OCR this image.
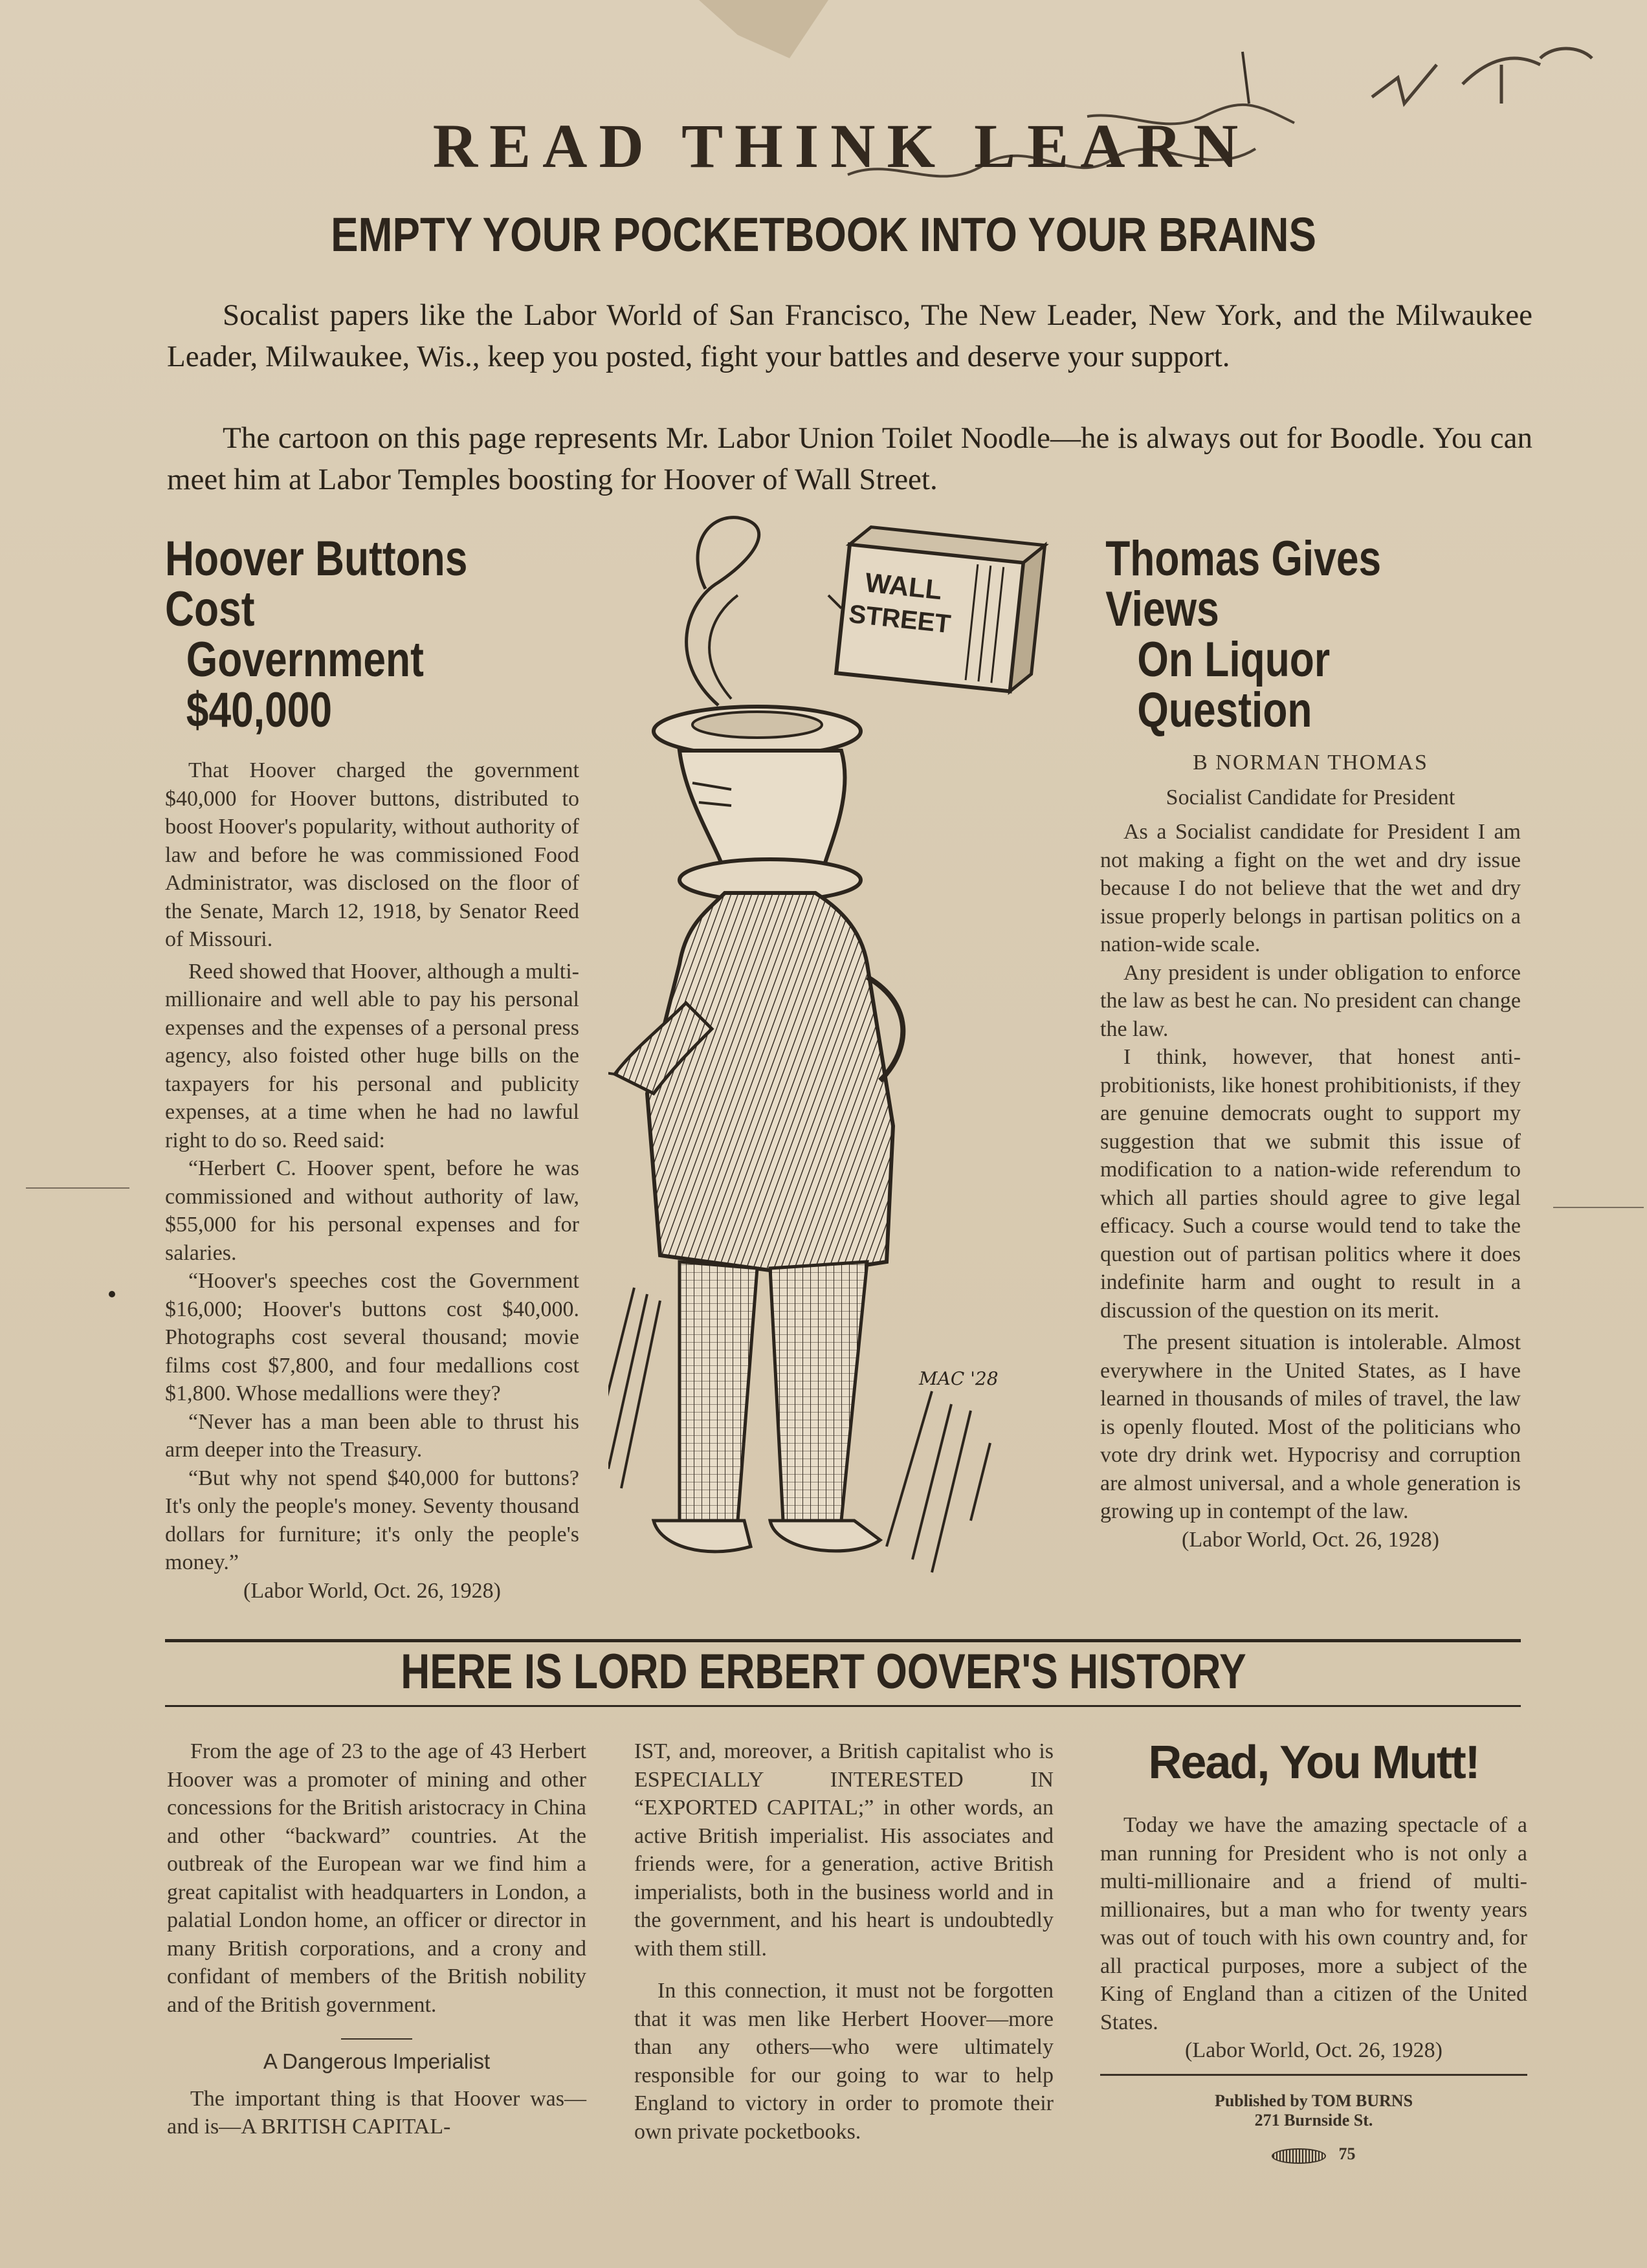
READ THINK LEARN
EMPTY YOUR POCKETBOOK INTO YOUR BRAINS
Socalist papers like the Labor World of San Francisco, The New Leader, New York, and the Milwaukee Leader, Milwaukee, Wis., keep you posted, fight your battles and deserve your support.
The cartoon on this page represents Mr. Labor Union Toilet Noodle—he is always out for Boodle. You can meet him at Labor Temples boosting for Hoover of Wall Street.
Hoover Buttons Cost
Government $40,000

That Hoover charged the government $40,000 for Hoover buttons, distributed to boost Hoover's popularity, without authority of law and before he was commissioned Food Administrator, was disclosed on the floor of the Senate, March 12, 1918, by Senator Reed of Missouri.

Reed showed that Hoover, although a multi-millionaire and well able to pay his personal expenses and the expenses of a personal press agency, also foisted other huge bills on the taxpayers for his personal and publicity expenses, at a time when he had no lawful right to do so. Reed said:

“Herbert C. Hoover spent, before he was commissioned and without authority of law, $55,000 for his personal expenses and for salaries.

“Hoover's speeches cost the Government $16,000; Hoover's buttons cost $40,000. Photographs cost several thousand; movie films cost $7,800, and four medallions cost $1,800. Whose medallions were they?

“Never has a man been able to thrust his arm deeper into the Treasury.

“But why not spend $40,000 for buttons? It's only the people's money. Seventy thousand dollars for furniture; it's only the people's money.”

(Labor World, Oct. 26, 1928)
WALL
STREET
MAC '28
Thomas Gives Views
On Liquor Question
B NORMAN THOMAS
Socialist Candidate for President

As a Socialist candidate for President I am not making a fight on the wet and dry issue because I do not believe that the wet and dry issue properly belongs in partisan politics on a nation-wide scale.

Any president is under obligation to enforce the law as best he can. No president can change the law.

I think, however, that honest anti-probitionists, like honest prohibitionists, if they are genuine democrats ought to support my suggestion that we submit this issue of modification to a nation-wide referendum to which all parties should agree to give legal efficacy. Such a course would tend to take the question out of partisan politics where it does indefinite harm and ought to result in a discussion of the question on its merit.

The present situation is intolerable. Almost everywhere in the United States, as I have learned in thousands of miles of travel, the law is openly flouted. Most of the politicians who vote dry drink wet. Hypocrisy and corruption are almost universal, and a whole generation is growing up in contempt of the law.

(Labor World, Oct. 26, 1928)
HERE IS LORD ERBERT OOVER'S HISTORY

From the age of 23 to the age of 43 Herbert Hoover was a promoter of mining and other concessions for the British aristocracy in China and other “backward” countries. At the outbreak of the European war we find him a great capitalist with headquarters in London, a palatial London home, an officer or director in many British corporations, and a crony and confidant of members of the British nobility and of the British government.

A Dangerous Imperialist

The important thing is that Hoover was—and is—A BRITISH CAPITAL-

IST, and, moreover, a British capitalist who is ESPECIALLY INTERESTED IN “EXPORTED CAPITAL;” in other words, an active British imperialist. His associates and friends were, for a generation, active British imperialists, both in the business world and in the government, and his heart is undoubtedly with them still.

In this connection, it must not be forgotten that it was men like Herbert Hoover—more than any others—who were ultimately responsible for our going to war to help England to victory in order to promote their own private pocketbooks.

Read, You Mutt!

Today we have the amazing spectacle of a man running for President who is not only a multi-millionaire and a friend of multi-millionaires, but a man who for twenty years was out of touch with his own country and, for all practical purposes, more a subject of the King of England than a citizen of the United States.

(Labor World, Oct. 26, 1928)
Published by TOM BURNS
271 Burnside St.
75
